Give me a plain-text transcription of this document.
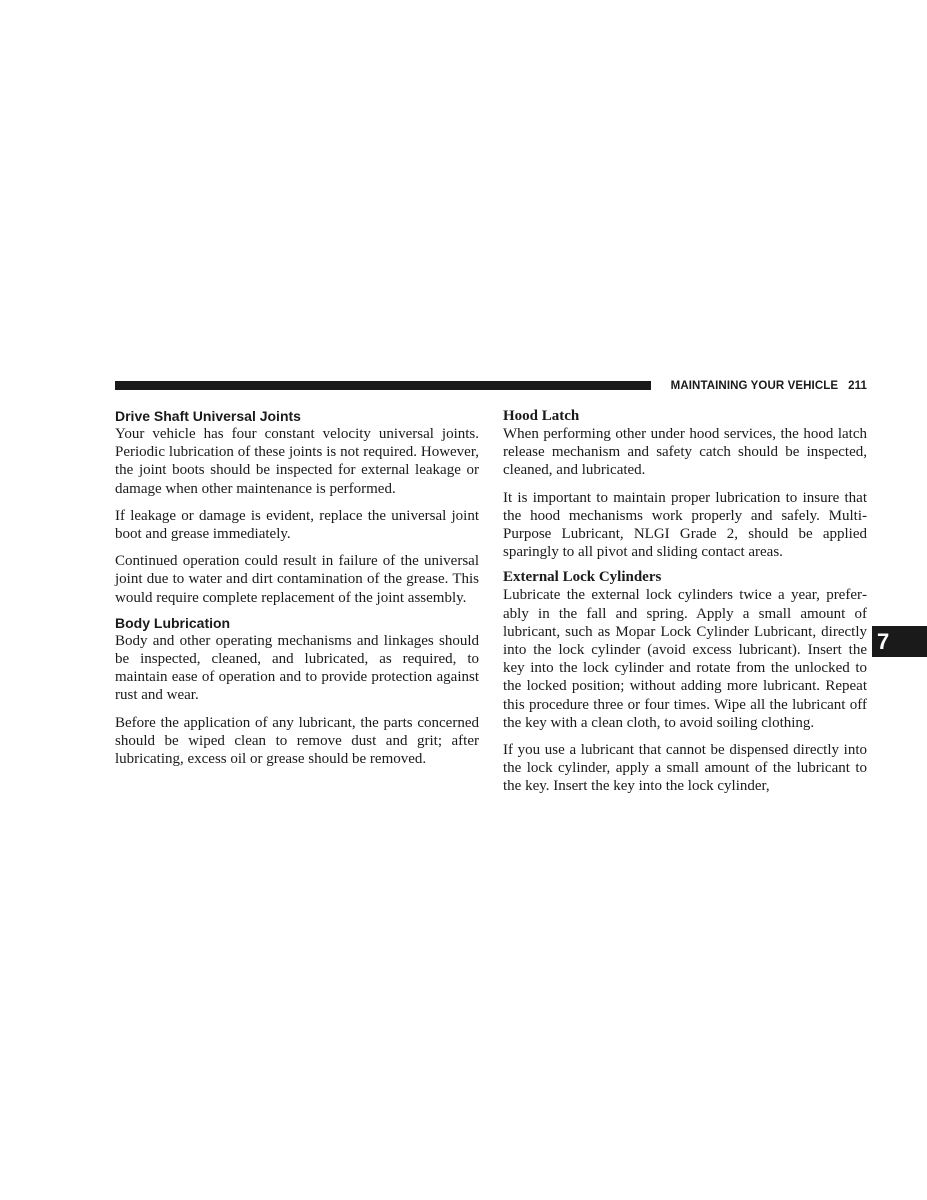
MAINTAINING YOUR VEHICLE 211
Drive Shaft Universal Joints

Your vehicle has four constant velocity universal joints. Periodic lubrication of these joints is not required. However, the joint boots should be inspected for external leakage or damage when other maintenance is performed.

If leakage or damage is evident, replace the universal joint boot and grease immediately.

Continued operation could result in failure of the universal joint due to water and dirt contamination of the grease. This would require complete replacement of the joint assembly.

Body Lubrication

Body and other operating mechanisms and linkages should be inspected, cleaned, and lubricated, as required, to maintain ease of operation and to provide protection against rust and wear.

Before the application of any lubricant, the parts concerned should be wiped clean to remove dust and grit; after lubricating, excess oil or grease should be removed.

Hood Latch

When performing other under hood services, the hood latch release mechanism and safety catch should be inspected, cleaned, and lubricated.

It is important to maintain proper lubrication to insure that the hood mechanisms work properly and safely. Multi-Purpose Lubricant, NLGI Grade 2, should be applied sparingly to all pivot and sliding contact areas.

External Lock Cylinders

Lubricate the external lock cylinders twice a year, preferably in the fall and spring. Apply a small amount of lubricant, such as Mopar Lock Cylinder Lubricant, directly into the lock cylinder (avoid excess lubricant). Insert the key into the lock cylinder and rotate from the unlocked to the locked position; without adding more lubricant. Repeat this procedure three or four times. Wipe all the lubricant off the key with a clean cloth, to avoid soiling clothing.

If you use a lubricant that cannot be dispensed directly into the lock cylinder, apply a small amount of the lubricant to the key. Insert the key into the lock cylinder,

7
